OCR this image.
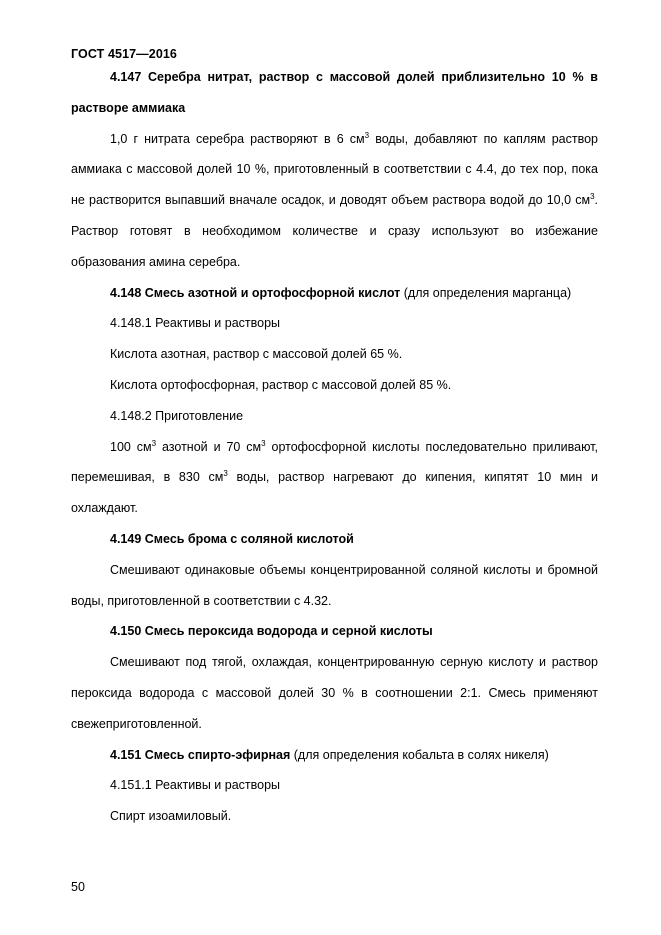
ГОСТ 4517—2016

4.147 Серебра нитрат, раствор с массовой долей приблизительно 10 % в растворе аммиака

1,0 г нитрата серебра растворяют в 6 $см^3$ воды, добавляют по каплям раствор аммиака с массовой долей 10 %, приготовленный в соответствии с 4.4, до тех пор, пока не растворится выпавший вначале осадок, и доводят объем раствора водой до 10,0 $см^3$. Раствор готовят в необходимом количестве и сразу используют во избежание образования амина серебра.

4.148 Смесь азотной и ортофосфорной кислот (для определения марганца)

4.148.1 Реактивы и растворы

Кислота азотная, раствор с массовой долей 65 %.

Кислота ортофосфорная, раствор с массовой долей 85 %.

4.148.2 Приготовление

100 $см^3$ азотной и 70 $см^3$ ортофосфорной кислоты последовательно приливают, перемешивая, в 830 $см^3$ воды, раствор нагревают до кипения, кипятят 10 мин и охлаждают.

4.149 Смесь брома с соляной кислотой

Смешивают одинаковые объемы концентрированной соляной кислоты и бромной воды, приготовленной в соответствии с 4.32.

4.150 Смесь пероксида водорода и серной кислоты

Смешивают под тягой, охлаждая, концентрированную серную кислоту и раствор пероксида водорода с массовой долей 30 % в соотношении 2:1. Смесь применяют свежеприготовленной.

4.151 Смесь спирто-эфирная (для определения кобальта в солях никеля)

4.151.1 Реактивы и растворы

Спирт изоамиловый.

50
